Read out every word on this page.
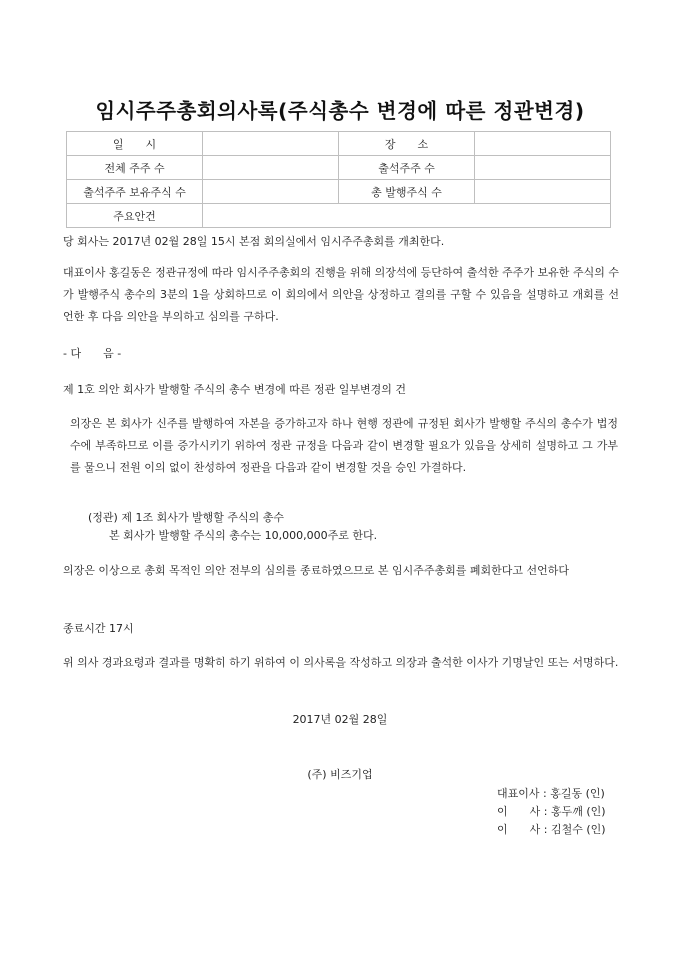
임시주주총회의사록(주식총수 변경에 따른 정관변경)
일　　시		장　　소	
전체 주주 수		출석주주 수	
출석주주 보유주식 수		총 발행주식 수	
주요안건			
당 회사는 2017년 02월 28일 15시 본점 회의실에서 임시주주총회를 개최한다.
대표이사 홍길동은 정관규정에 따라 임시주주총회의 진행을 위해 의장석에 등단하여 출석한 주주가 보유한 주식의 수가 발행주식 총수의 3분의 1을 상회하므로 이 회의에서 의안을 상정하고 결의를 구할 수 있음을 설명하고 개회를 선언한 후 다음 의안을 부의하고 심의를 구하다.
- 다　　음 -
제 1호 의안 회사가 발행할 주식의 총수 변경에 따른 정관 일부변경의 건
의장은 본 회사가 신주를 발행하여 자본을 증가하고자 하나 현행 정관에 규정된 회사가 발행할 주식의 총수가 법정수에 부족하므로 이를 증가시키기 위하여 정관 규정을 다음과 같이 변경할 필요가 있음을 상세히 설명하고 그 가부를 물으니 전원 이의 없이 찬성하여 정관을 다음과 같이 변경할 것을 승인 가결하다.
(정관) 제 1조 회사가 발행할 주식의 총수
본 회사가 발행할 주식의 총수는 10,000,000주로 한다.
의장은 이상으로 총회 목적인 의안 전부의 심의를 종료하였으므로 본 임시주주총회를 폐회한다고 선언하다
종료시간 17시
위 의사 경과요령과 결과를 명확히 하기 위하여 이 의사록을 작성하고 의장과 출석한 이사가 기명날인 또는 서명하다.
2017년 02월 28일
(주) 비즈기업
대표이사 : 홍길동 (인)
이　　사 : 홍두깨 (인)
이　　사 : 김철수 (인)
